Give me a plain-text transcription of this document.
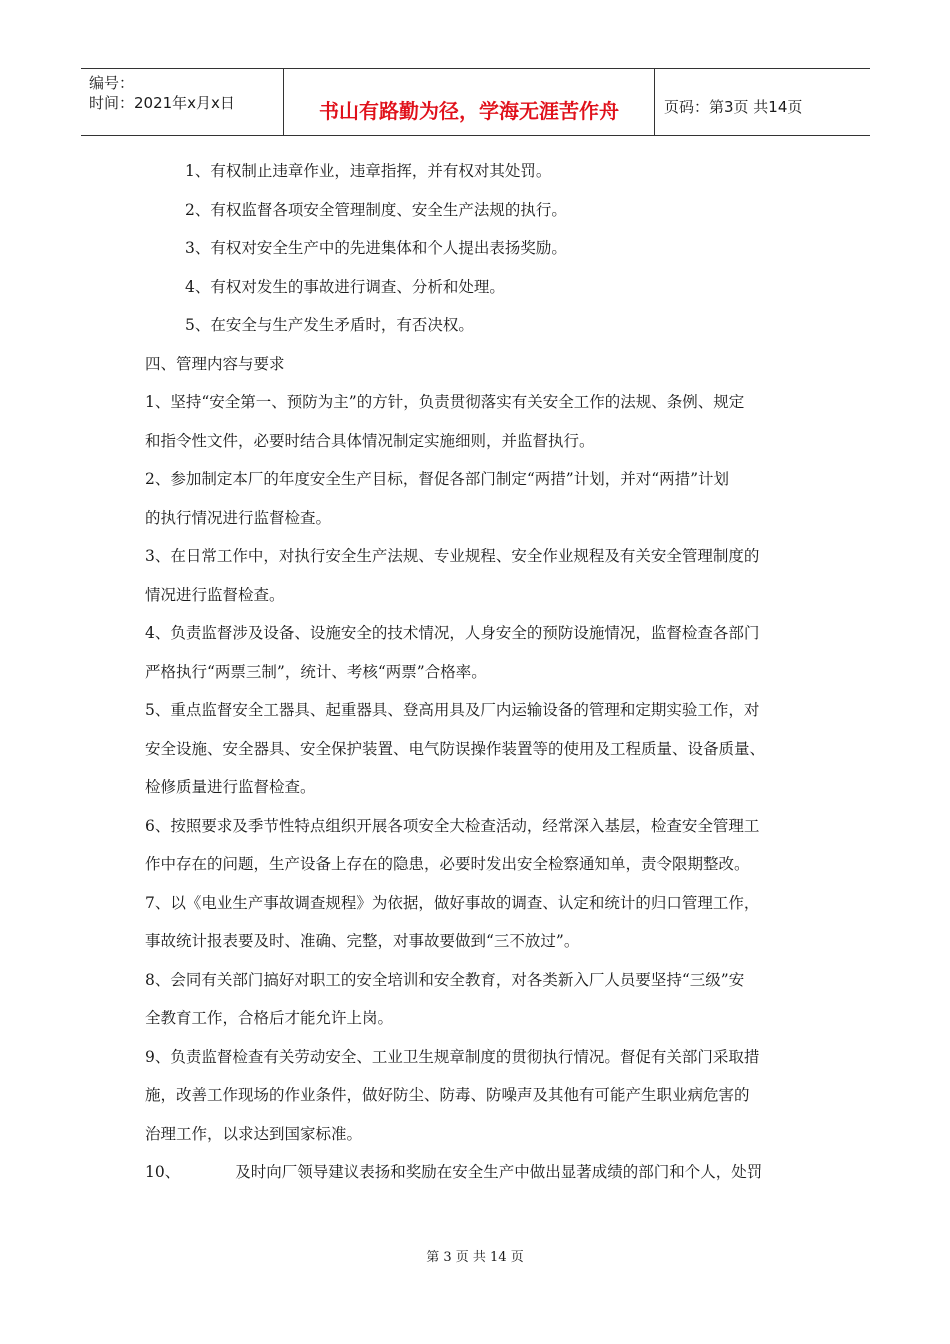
编号：
时间：2021年x月x日	书山有路勤为径，学海无涯苦作舟	页码：第3页 共14页

1、有权制止违章作业，违章指挥，并有权对其处罚。

2、有权监督各项安全管理制度、安全生产法规的执行。

3、有权对安全生产中的先进集体和个人提出表扬奖励。

4、有权对发生的事故进行调查、分析和处理。

5、在安全与生产发生矛盾时，有否决权。

四、管理内容与要求

1、坚持“安全第一、预防为主”的方针，负责贯彻落实有关安全工作的法规、条例、规定

和指令性文件，必要时结合具体情况制定实施细则，并监督执行。

2、参加制定本厂的年度安全生产目标，督促各部门制定“两措”计划，并对“两措”计划

的执行情况进行监督检查。

3、在日常工作中，对执行安全生产法规、专业规程、安全作业规程及有关安全管理制度的

情况进行监督检查。

4、负责监督涉及设备、设施安全的技术情况，人身安全的预防设施情况，监督检查各部门

严格执行“两票三制”，统计、考核“两票”合格率。

5、重点监督安全工器具、起重器具、登高用具及厂内运输设备的管理和定期实验工作，对

安全设施、安全器具、安全保护装置、电气防误操作装置等的使用及工程质量、设备质量、

检修质量进行监督检查。

6、按照要求及季节性特点组织开展各项安全大检查活动，经常深入基层，检查安全管理工

作中存在的问题，生产设备上存在的隐患，必要时发出安全检察通知单，责令限期整改。

7、以《电业生产事故调查规程》为依据，做好事故的调查、认定和统计的归口管理工作，

事故统计报表要及时、准确、完整，对事故要做到“三不放过”。

8、会同有关部门搞好对职工的安全培训和安全教育，对各类新入厂人员要坚持“三级”安

全教育工作，合格后才能允许上岗。

9、负责监督检查有关劳动安全、工业卫生规章制度的贯彻执行情况。督促有关部门采取措

施，改善工作现场的作业条件，做好防尘、防毒、防噪声及其他有可能产生职业病危害的

治理工作，以求达到国家标准。

10、	及时向厂领导建议表扬和奖励在安全生产中做出显著成绩的部门和个人，处罚

第 3 页 共 14 页
